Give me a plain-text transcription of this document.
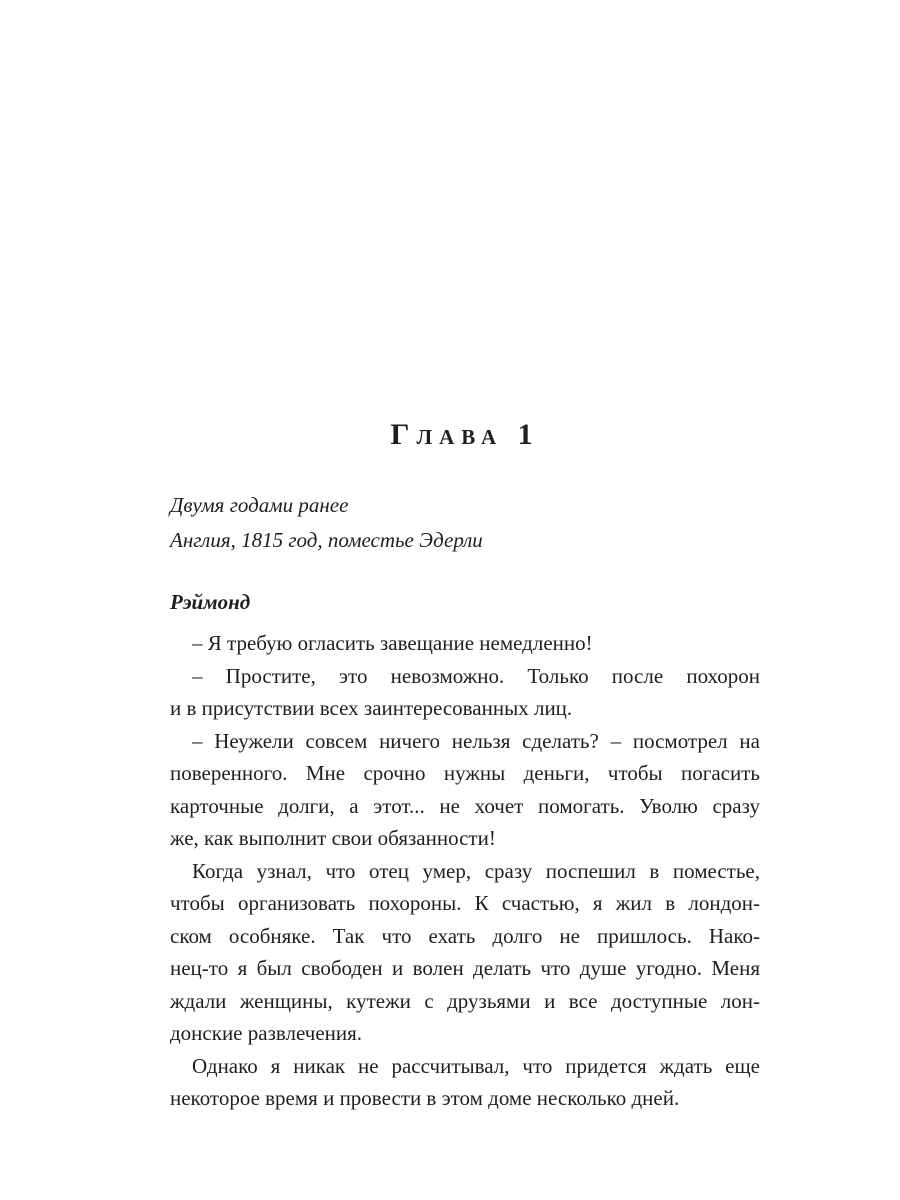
Глава 1
Двумя годами ранее
Англия, 1815 год, поместье Эдерли
Рэймонд

– Я требую огласить завещание немедленно!

– Простите, это невозможно. Только после похорон
и в присутствии всех заинтересованных лиц.

– Неужели совсем ничего нельзя сделать? – посмотрел на
поверенного. Мне срочно нужны деньги, чтобы погасить
карточные долги, а этот... не хочет помогать. Уволю сразу
же, как выполнит свои обязанности!

Когда узнал, что отец умер, сразу поспешил в поместье,
чтобы организовать похороны. К счастью, я жил в лондон-
ском особняке. Так что ехать долго не пришлось. Нако-
нец-то я был свободен и волен делать что душе угодно. Меня
ждали женщины, кутежи с друзьями и все доступные лон-
донские развлечения.

Однако я никак не рассчитывал, что придется ждать еще
некоторое время и провести в этом доме несколько дней.
